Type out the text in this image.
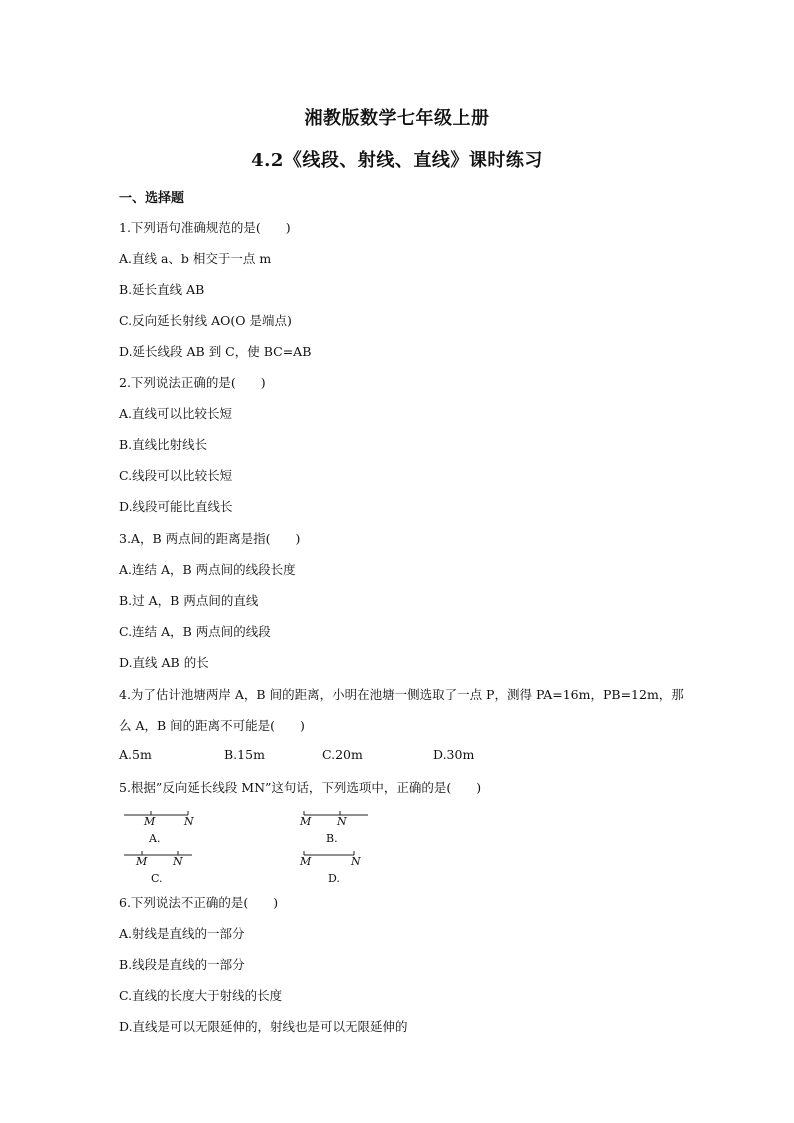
湘教版数学七年级上册
4.2《线段、射线、直线》课时练习
一、选择题
1.下列语句准确规范的是(　　)
A.直线 a、b 相交于一点 m
B.延长直线 AB
C.反向延长射线 AO(O 是端点)
D.延长线段 AB 到 C，使 BC=AB
2.下列说法正确的是(　　)
A.直线可以比较长短
B.直线比射线长
C.线段可以比较长短
D.线段可能比直线长
3.A，B 两点间的距离是指(　　)
A.连结 A，B 两点间的线段长度
B.过 A，B 两点间的直线
C.连结 A，B 两点间的线段
D.直线 AB 的长
4.为了估计池塘两岸 A，B 间的距离，小明在池塘一侧选取了一点 P，测得 PA=16m，PB=12m，那
么 A，B 间的距离不可能是(　　)
A.5m	B.15m	C.20m	D.30m
5.根据”反向延长线段 MN”这句话，下列选项中，正确的是(　　)
M	N
A.
M N
B.
M N
C.
M	N
D.
6.下列说法不正确的是(　　)
A.射线是直线的一部分
B.线段是直线的一部分
C.直线的长度大于射线的长度
D.直线是可以无限延伸的，射线也是可以无限延伸的
